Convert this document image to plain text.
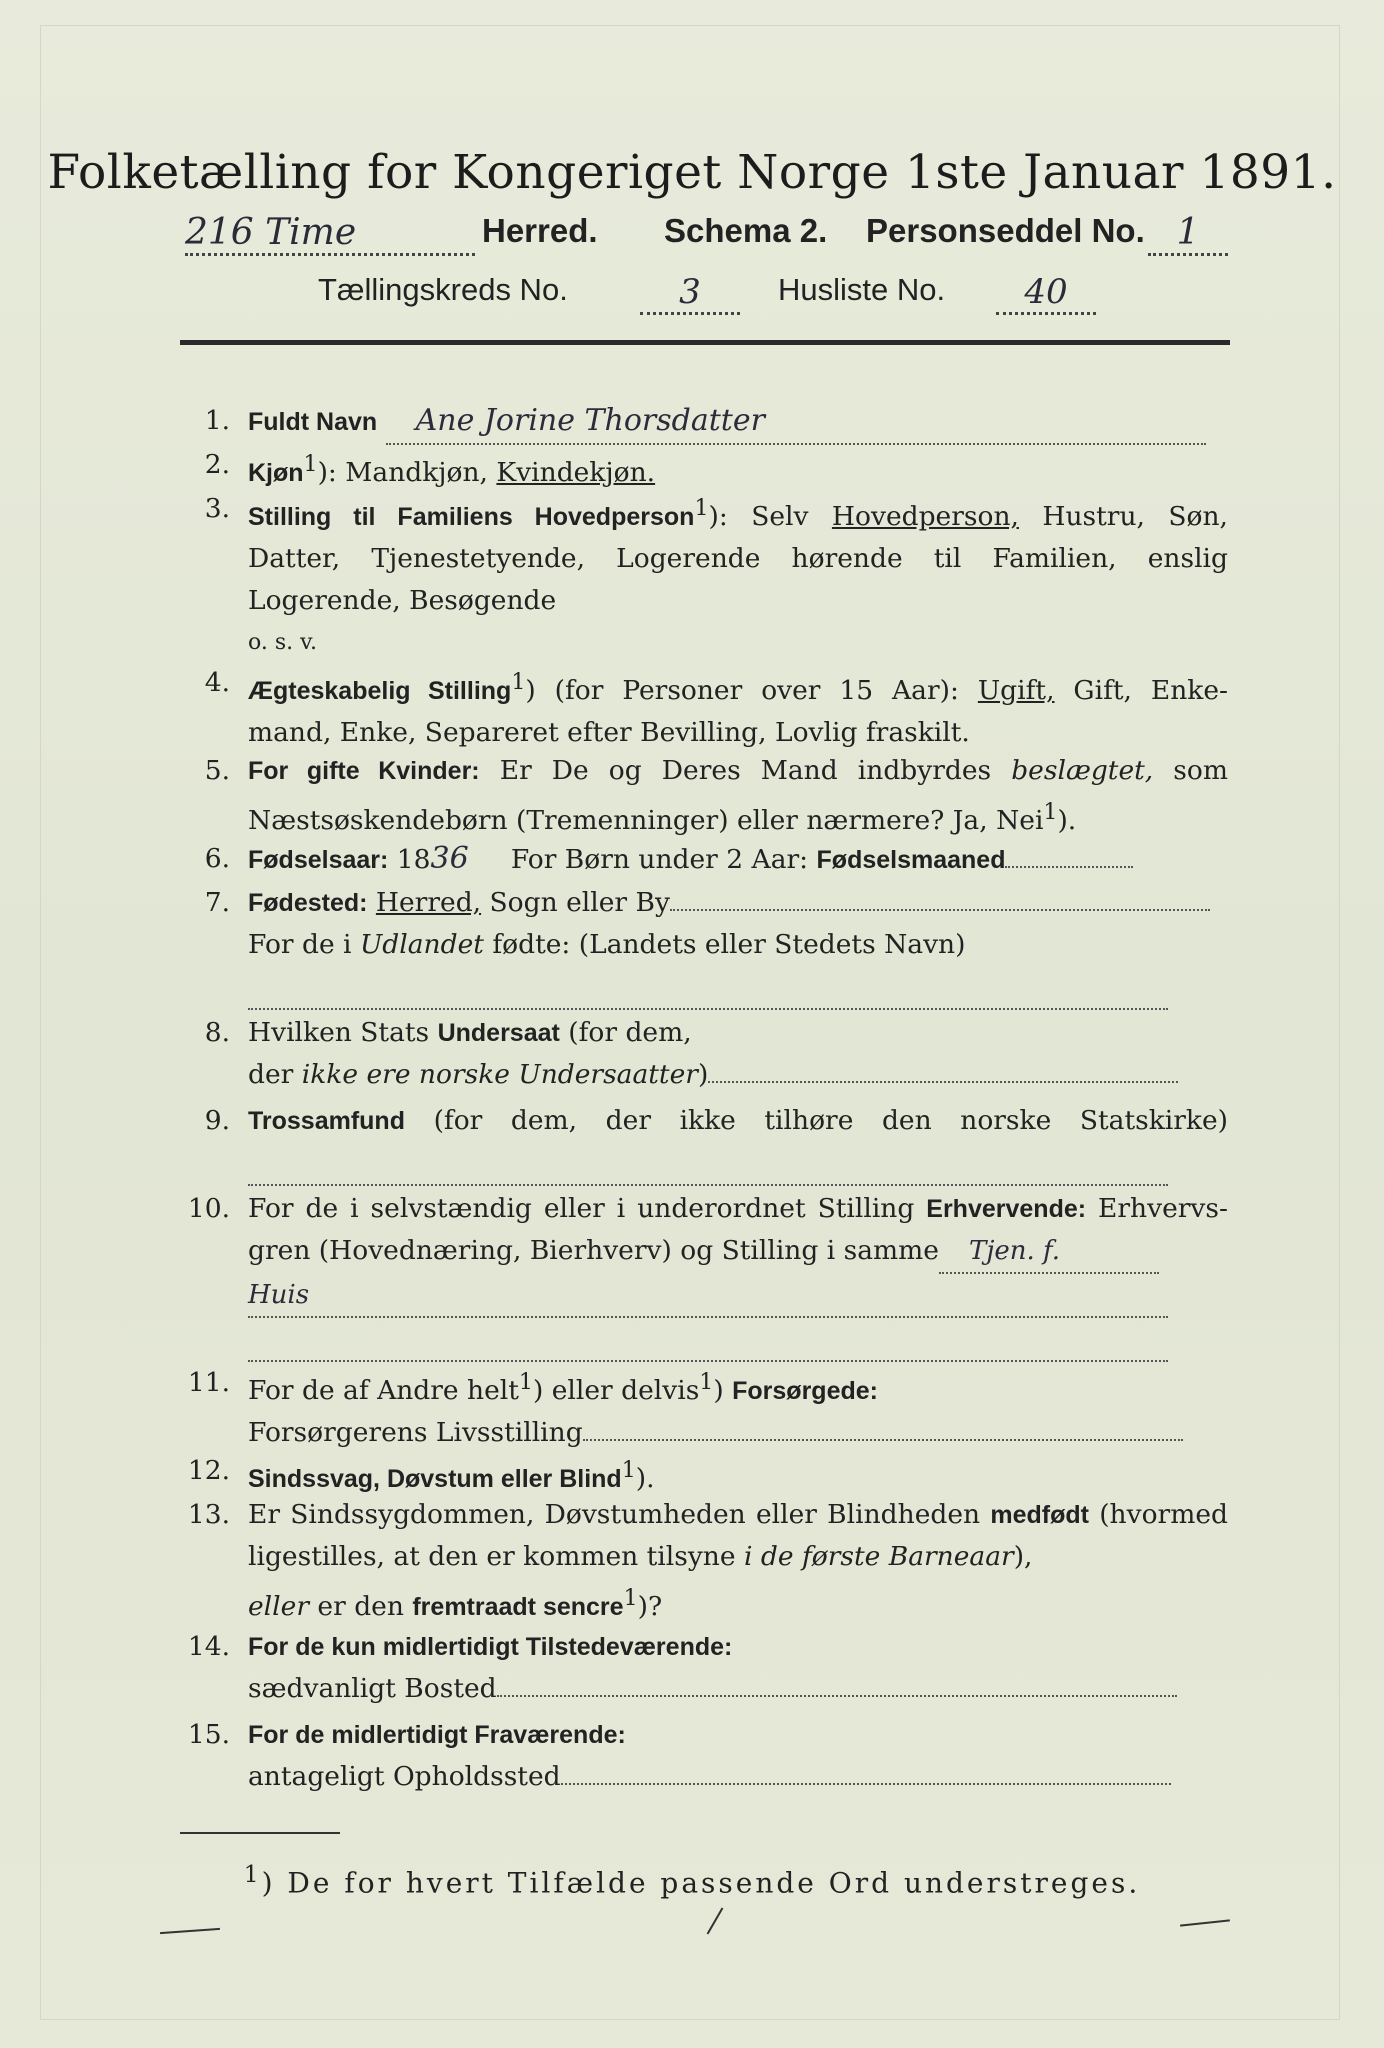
Folketælling for Kongeriget Norge 1ste Januar 1891.
216 Time	Herred. Schema 2. Personseddel No. 1
Tællingskreds No.	3	Husliste No.	40
1. Fuldt Navn Ane Jorine Thorsdatter
2. Kjøn$^1$): Mandkjøn, Kvindekjøn.
3. Stilling til Familiens Hovedperson$^1$): Selv Hovedperson, Hustru, Søn,
Datter, Tjenestetyende, Logerende hørende til Familien, enslig
Logerende, Besøgende
o. s. v.
4. Ægteskabelig Stilling$^1$) (for Personer over 15 Aar): Ugift, Gift, Enke-
mand, Enke, Separeret efter Bevilling, Lovlig fraskilt.
5. For gifte Kvinder: Er De og Deres Mand indbyrdes beslægtet, som
Næstsøskendebørn (Tremenninger) eller nærmere? Ja, Nei$^1$).
6. Fødselsaar: 1836 For Børn under 2 Aar: Fødselsmaaned
7. Fødested: Herred, Sogn eller By
For de i Udlandet fødte: (Landets eller Stedets Navn)

8. Hvilken Stats Undersaat (for dem,
der ikke ere norske Undersaatter)
9. Trossamfund (for dem, der ikke tilhøre den norske Statskirke)

10. For de i selvstændig eller i underordnet Stilling Erhvervende: Erhvervs-
gren (Hovednæring, Bierhverv) og Stilling i samme Tjen. f.
Huis

11. For de af Andre helt$^1$) eller delvis$^1$) Forsørgede:
Forsørgerens Livsstilling
12. Sindssvag, Døvstum eller Blind$^1$).
13. Er Sindssygdommen, Døvstumheden eller Blindheden medfødt (hvormed
ligestilles, at den er kommen tilsyne i de første Barneaar),
eller er den fremtraadt sencre$^1$)?
14. For de kun midlertidigt Tilstedeværende:
sædvanligt Bosted
15. For de midlertidigt Fraværende:
antageligt Opholdssted
$^1$) De for hvert Tilfælde passende Ord understreges.
